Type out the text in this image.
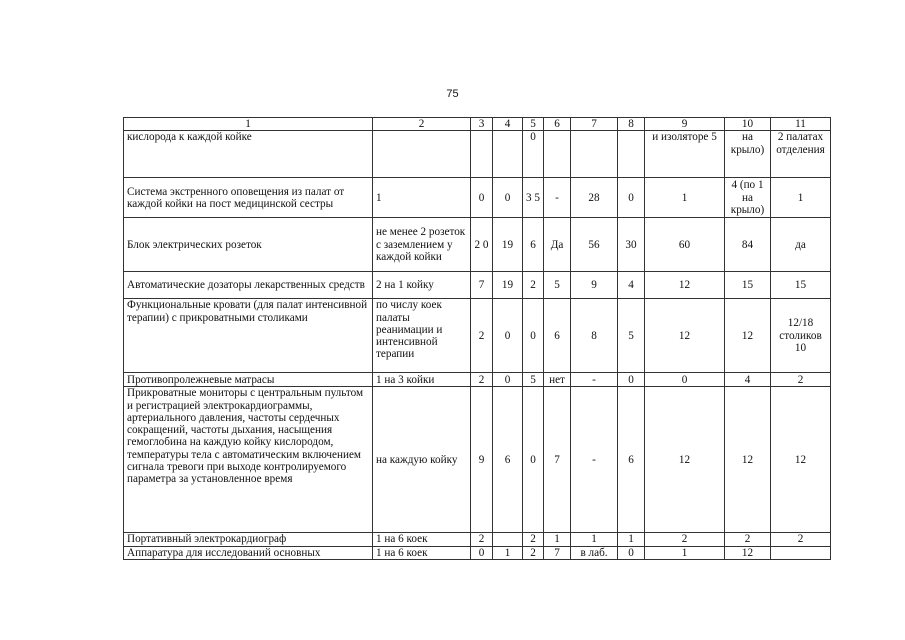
75
1	2	3	4	5	6	7	8	9	10	11
кислорода к каждой койке				0				и изоляторе 5	на крыло)	2 палатах отделения
Система экстренного оповещения из палат от каждой койки на пост медицинской сестры	1	0	0	3 5	-	28	0	1	4 (по 1 на крыло)	1
Блок электрических розеток	не менее 2 розеток с заземлением у каждой койки	2 0	19	6	Да	56	30	60	84	да
Автоматические дозаторы лекарственных средств	2 на 1 койку	7	19	2	5	9	4	12	15	15
Функциональные кровати (для палат интенсивной терапии) с прикроватными столиками	по числу коек палаты реанимации и интенсивной терапии	2	0	0	6	8	5	12	12	12/18 столиков 10
Противопролежневые матрасы	1 на 3 койки	2	0	5	нет	-	0	0	4	2
Прикроватные мониторы с центральным пультом и регистрацией электрокардиограммы, артериального давления, частоты сердечных сокращений, частоты дыхания, насыщения гемоглобина на каждую койку кислородом, температуры тела с автоматическим включением сигнала тревоги при выходе контролируемого параметра за установленное время	на каждую койку	9	6	0	7	-	6	12	12	12
Портативный электрокардиограф	1 на 6 коек	2		2	1	1	1	2	2	2
Аппаратура для исследований основных	1 на 6 коек	0	1	2	7	в лаб.	0	1	12	
